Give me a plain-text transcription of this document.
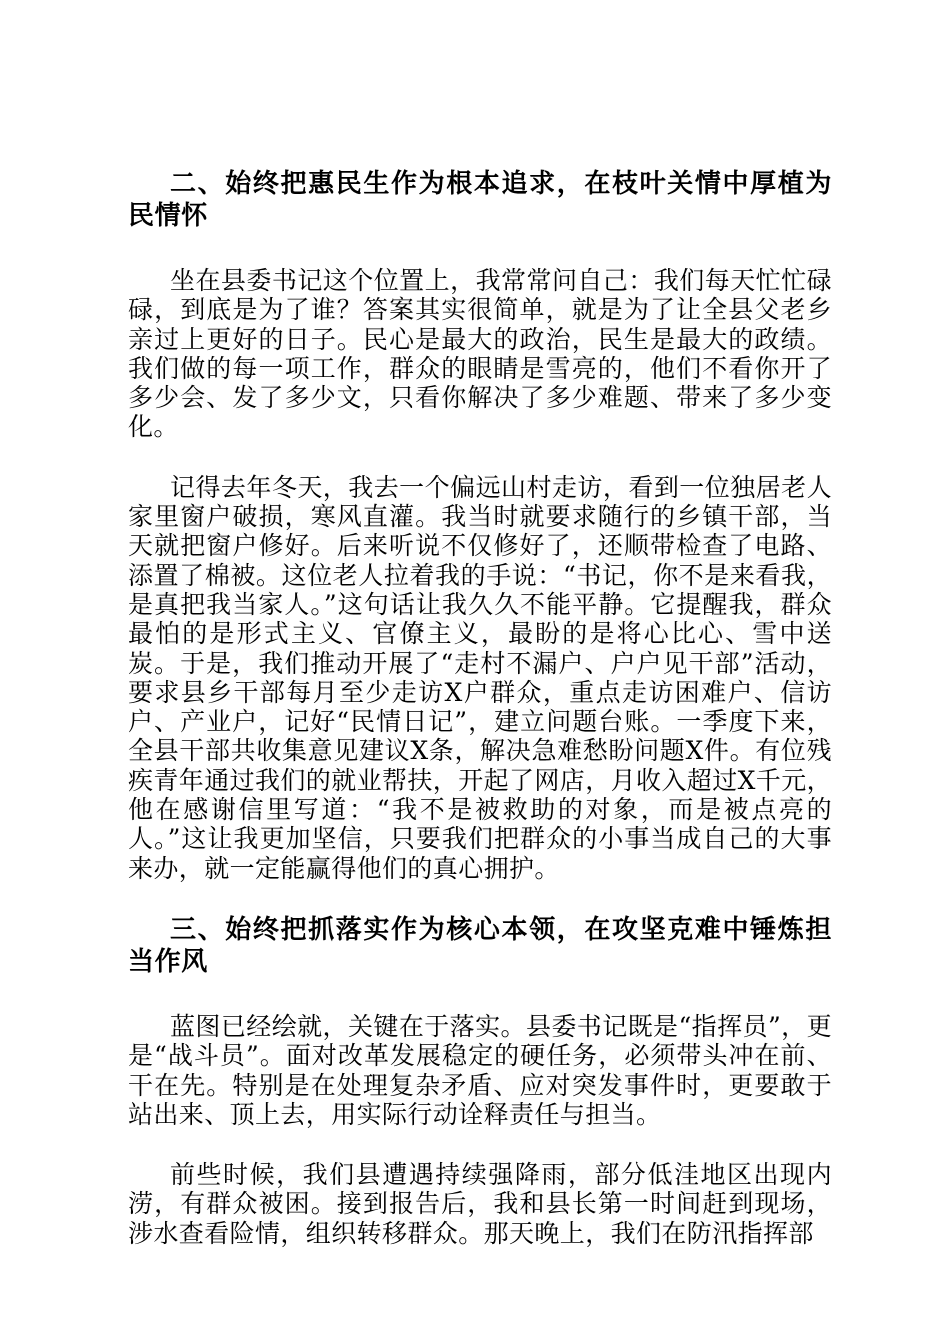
二、始终把惠民生作为根本追求，在枝叶关情中厚植为民情怀

坐在县委书记这个位置上，我常常问自己：我们每天忙忙碌碌，到底是为了谁？答案其实很简单，就是为了让全县父老乡亲过上更好的日子。民心是最大的政治，民生是最大的政绩。我们做的每一项工作，群众的眼睛是雪亮的，他们不看你开了多少会、发了多少文，只看你解决了多少难题、带来了多少变化。

记得去年冬天，我去一个偏远山村走访，看到一位独居老人家里窗户破损，寒风直灌。我当时就要求随行的乡镇干部，当天就把窗户修好。后来听说不仅修好了，还顺带检查了电路、添置了棉被。这位老人拉着我的手说：“书记，你不是来看我，是真把我当家人。”这句话让我久久不能平静。它提醒我，群众最怕的是形式主义、官僚主义，最盼的是将心比心、雪中送炭。于是，我们推动开展了“走村不漏户、户户见干部”活动，要求县乡干部每月至少走访X户群众，重点走访困难户、信访户、产业户，记好“民情日记”，建立问题台账。一季度下来，全县干部共收集意见建议X条，解决急难愁盼问题X件。有位残疾青年通过我们的就业帮扶，开起了网店，月收入超过X千元，他在感谢信里写道：“我不是被救助的对象，而是被点亮的人。”这让我更加坚信，只要我们把群众的小事当成自己的大事来办，就一定能赢得他们的真心拥护。

三、始终把抓落实作为核心本领，在攻坚克难中锤炼担当作风

蓝图已经绘就，关键在于落实。县委书记既是“指挥员”，更是“战斗员”。面对改革发展稳定的硬任务，必须带头冲在前、干在先。特别是在处理复杂矛盾、应对突发事件时，更要敢于站出来、顶上去，用实际行动诠释责任与担当。

前些时候，我们县遭遇持续强降雨，部分低洼地区出现内涝，有群众被困。接到报告后，我和县长第一时间赶到现场，涉水查看险情，组织转移群众。那天晚上，我们在防汛指挥部
